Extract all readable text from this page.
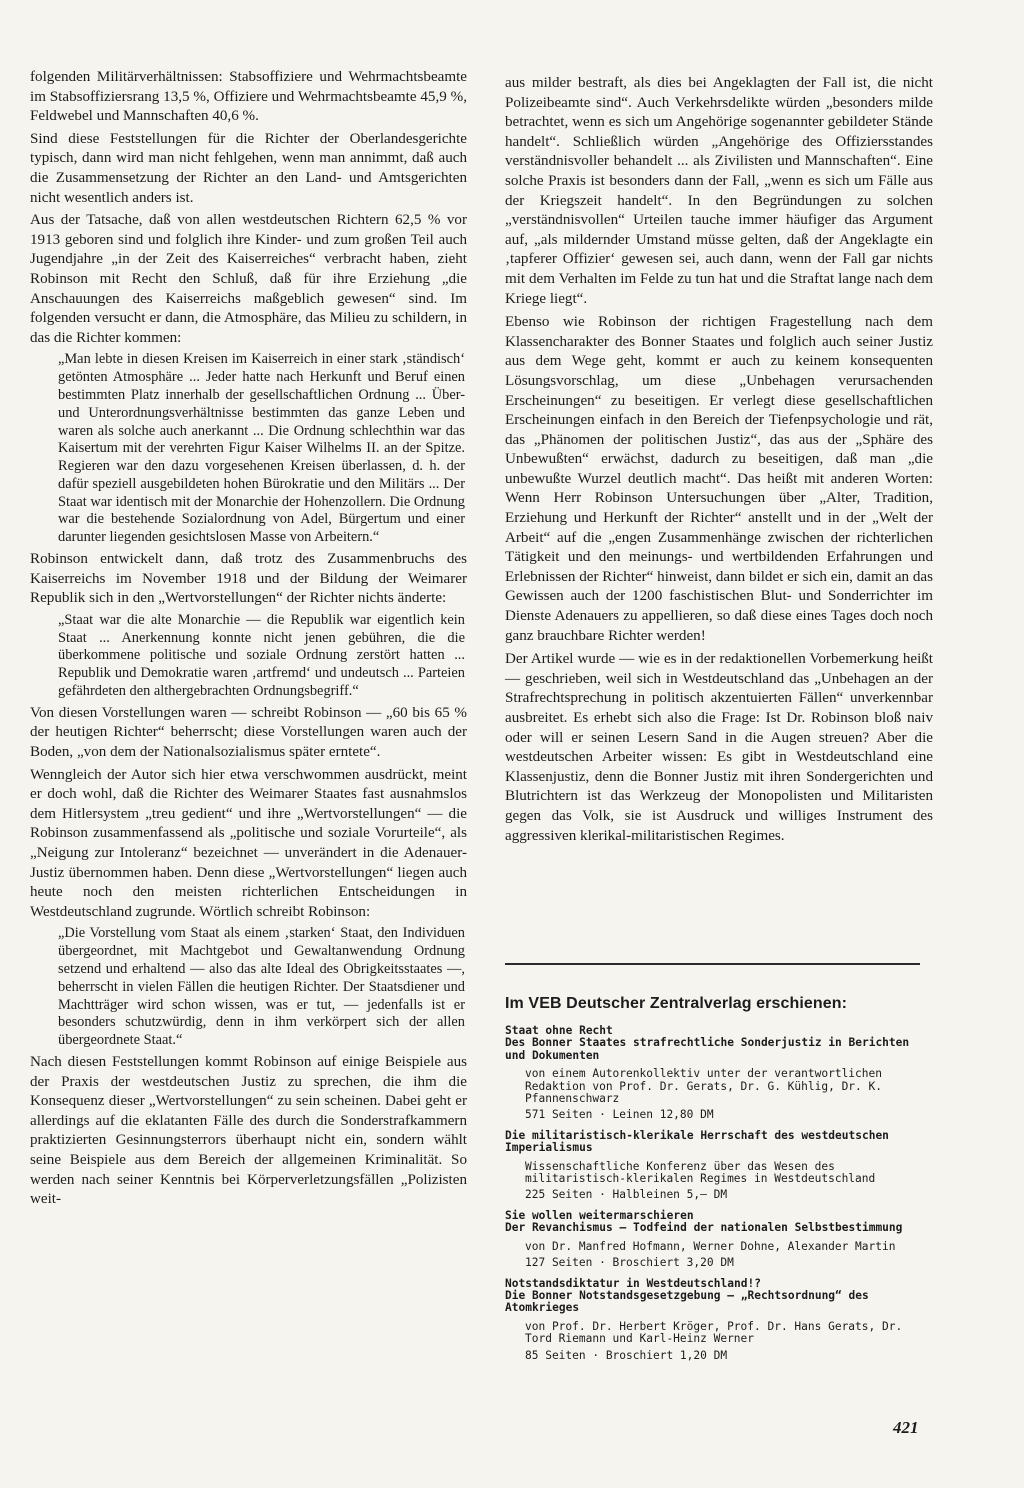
folgenden Militärverhältnissen: Stabsoffiziere und Wehrmachtsbeamte im Stabsoffiziersrang 13,5 %, Offiziere und Wehrmachtsbeamte 45,9 %, Feldwebel und Mannschaften 40,6 %.

Sind diese Feststellungen für die Richter der Oberlandesgerichte typisch, dann wird man nicht fehlgehen, wenn man annimmt, daß auch die Zusammensetzung der Richter an den Land- und Amtsgerichten nicht wesentlich anders ist.

Aus der Tatsache, daß von allen westdeutschen Richtern 62,5 % vor 1913 geboren sind und folglich ihre Kinder- und zum großen Teil auch Jugendjahre „in der Zeit des Kaiserreiches“ verbracht haben, zieht Robinson mit Recht den Schluß, daß für ihre Erziehung „die Anschauungen des Kaiserreichs maßgeblich gewesen“ sind. Im folgenden versucht er dann, die Atmosphäre, das Milieu zu schildern, in das die Richter kommen:

„Man lebte in diesen Kreisen im Kaiserreich in einer stark ‚ständisch‘ getönten Atmosphäre ... Jeder hatte nach Herkunft und Beruf einen bestimmten Platz innerhalb der gesellschaftlichen Ordnung ... Über- und Unterordnungsverhältnisse bestimmten das ganze Leben und waren als solche auch anerkannt ... Die Ordnung schlechthin war das Kaisertum mit der verehrten Figur Kaiser Wilhelms II. an der Spitze. Regieren war den dazu vorgesehenen Kreisen überlassen, d. h. der dafür speziell ausgebildeten hohen Bürokratie und den Militärs ... Der Staat war identisch mit der Monarchie der Hohenzollern. Die Ordnung war die bestehende Sozialordnung von Adel, Bürgertum und einer darunter liegenden gesichtslosen Masse von Arbeitern.“

Robinson entwickelt dann, daß trotz des Zusammenbruchs des Kaiserreichs im November 1918 und der Bildung der Weimarer Republik sich in den „Wertvorstellungen“ der Richter nichts änderte:

„Staat war die alte Monarchie — die Republik war eigentlich kein Staat ... Anerkennung konnte nicht jenen gebühren, die die überkommene politische und soziale Ordnung zerstört hatten ... Republik und Demokratie waren ‚artfremd‘ und undeutsch ... Parteien gefährdeten den althergebrachten Ordnungsbegriff.“

Von diesen Vorstellungen waren — schreibt Robinson — „60 bis 65 % der heutigen Richter“ beherrscht; diese Vorstellungen waren auch der Boden, „von dem der Nationalsozialismus später erntete“.

Wenngleich der Autor sich hier etwa verschwommen ausdrückt, meint er doch wohl, daß die Richter des Weimarer Staates fast ausnahmslos dem Hitlersystem „treu gedient“ und ihre „Wertvorstellungen“ — die Robinson zusammenfassend als „politische und soziale Vorurteile“, als „Neigung zur Intoleranz“ bezeichnet — unverändert in die Adenauer-Justiz übernommen haben. Denn diese „Wertvorstellungen“ liegen auch heute noch den meisten richterlichen Entscheidungen in Westdeutschland zugrunde. Wörtlich schreibt Robinson:

„Die Vorstellung vom Staat als einem ‚starken‘ Staat, den Individuen übergeordnet, mit Machtgebot und Gewaltanwendung Ordnung setzend und erhaltend — also das alte Ideal des Obrigkeitsstaates —, beherrscht in vielen Fällen die heutigen Richter. Der Staatsdiener und Machtträger wird schon wissen, was er tut, — jedenfalls ist er besonders schutzwürdig, denn in ihm verkörpert sich der allen übergeordnete Staat.“

Nach diesen Feststellungen kommt Robinson auf einige Beispiele aus der Praxis der westdeutschen Justiz zu sprechen, die ihm die Konsequenz dieser „Wertvorstellungen“ zu sein scheinen. Dabei geht er allerdings auf die eklatanten Fälle des durch die Sonderstrafkammern praktizierten Gesinnungsterrors überhaupt nicht ein, sondern wählt seine Beispiele aus dem Bereich der allgemeinen Kriminalität. So werden nach seiner Kenntnis bei Körperverletzungsfällen „Polizisten weit-

aus milder bestraft, als dies bei Angeklagten der Fall ist, die nicht Polizeibeamte sind“. Auch Verkehrsdelikte würden „besonders milde betrachtet, wenn es sich um Angehörige sogenannter gebildeter Stände handelt“. Schließlich würden „Angehörige des Offiziersstandes verständnisvoller behandelt ... als Zivilisten und Mannschaften“. Eine solche Praxis ist besonders dann der Fall, „wenn es sich um Fälle aus der Kriegszeit handelt“. In den Begründungen zu solchen „verständnisvollen“ Urteilen tauche immer häufiger das Argument auf, „als mildernder Umstand müsse gelten, daß der Angeklagte ein ‚tapferer Offizier‘ gewesen sei, auch dann, wenn der Fall gar nichts mit dem Verhalten im Felde zu tun hat und die Straftat lange nach dem Kriege liegt“.

Ebenso wie Robinson der richtigen Fragestellung nach dem Klassencharakter des Bonner Staates und folglich auch seiner Justiz aus dem Wege geht, kommt er auch zu keinem konsequenten Lösungsvorschlag, um diese „Unbehagen verursachenden Erscheinungen“ zu beseitigen. Er verlegt diese gesellschaftlichen Erscheinungen einfach in den Bereich der Tiefenpsychologie und rät, das „Phänomen der politischen Justiz“, das aus der „Sphäre des Unbewußten“ erwächst, dadurch zu beseitigen, daß man „die unbewußte Wurzel deutlich macht“. Das heißt mit anderen Worten: Wenn Herr Robinson Untersuchungen über „Alter, Tradition, Erziehung und Herkunft der Richter“ anstellt und in der „Welt der Arbeit“ auf die „engen Zusammenhänge zwischen der richterlichen Tätigkeit und den meinungs- und wertbildenden Erfahrungen und Erlebnissen der Richter“ hinweist, dann bildet er sich ein, damit an das Gewissen auch der 1200 faschistischen Blut- und Sonderrichter im Dienste Adenauers zu appellieren, so daß diese eines Tages doch noch ganz brauchbare Richter werden!

Der Artikel wurde — wie es in der redaktionellen Vorbemerkung heißt — geschrieben, weil sich in Westdeutschland das „Unbehagen an der Strafrechtsprechung in politisch akzentuierten Fällen“ unverkennbar ausbreitet. Es erhebt sich also die Frage: Ist Dr. Robinson bloß naiv oder will er seinen Lesern Sand in die Augen streuen? Aber die westdeutschen Arbeiter wissen: Es gibt in Westdeutschland eine Klassenjustiz, denn die Bonner Justiz mit ihren Sondergerichten und Blutrichtern ist das Werkzeug der Monopolisten und Militaristen gegen das Volk, sie ist Ausdruck und williges Instrument des aggressiven klerikal-militaristischen Regimes.

Im VEB Deutscher Zentralverlag erschienen:

Staat ohne Recht

Des Bonner Staates strafrechtliche Sonderjustiz in Berichten und Dokumenten

von einem Autorenkollektiv unter der verantwortlichen Redaktion von Prof. Dr. Gerats, Dr. G. Kühlig, Dr. K. Pfannenschwarz

571 Seiten · Leinen 12,80 DM

Die militaristisch-klerikale Herrschaft des westdeutschen Imperialismus

Wissenschaftliche Konferenz über das Wesen des militaristisch-klerikalen Regimes in Westdeutschland

225 Seiten · Halbleinen 5,— DM

Sie wollen weitermarschieren

Der Revanchismus — Todfeind der nationalen Selbstbestimmung

von Dr. Manfred Hofmann, Werner Dohne, Alexander Martin

127 Seiten · Broschiert 3,20 DM

Notstandsdiktatur in Westdeutschland!?

Die Bonner Notstandsgesetzgebung — „Rechtsordnung“ des Atomkrieges

von Prof. Dr. Herbert Kröger, Prof. Dr. Hans Gerats, Dr. Tord Riemann und Karl-Heinz Werner

85 Seiten · Broschiert 1,20 DM

421
